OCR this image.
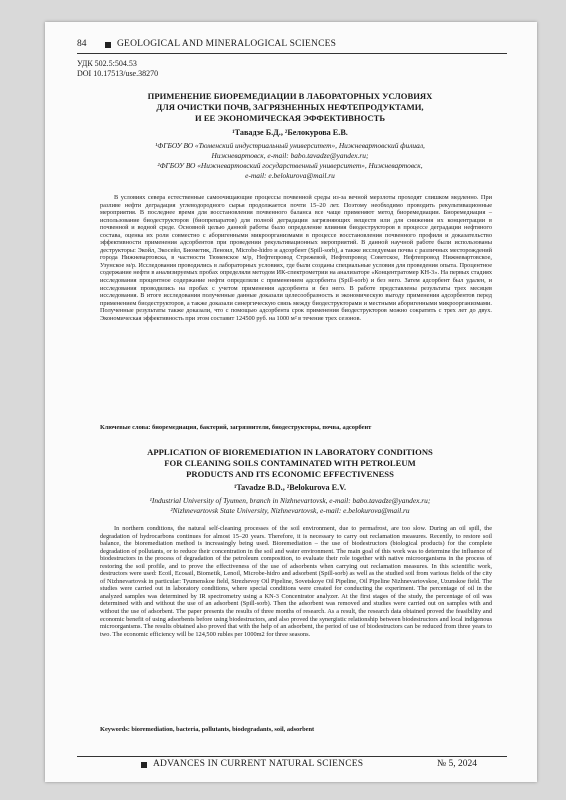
84	GEOLOGICAL AND MINERALOGICAL SCIENCES
УДК 502.5:504.53
DOI 10.17513/use.38270
ПРИМЕНЕНИЕ БИОРЕМЕДИАЦИИ В ЛАБОРАТОРНЫХ УСЛОВИЯХ
ДЛЯ ОЧИСТКИ ПОЧВ, ЗАГРЯЗНЕННЫХ НЕФТЕПРОДУКТАМИ,
И ЕЕ ЭКОНОМИЧЕСКАЯ ЭФФЕКТИВНОСТЬ
¹Тавадзе Б.Д., ²Белокурова Е.В.
¹ФГБОУ ВО «Тюменский индустриальный университет», Нижневартовский филиал,
Нижневартовск, e-mail: babo.tavadze@yandex.ru;
²ФГБОУ ВО «Нижневартовский государственный университет», Нижневартовск,
e-mail: e.belokurova@mail.ru

В условиях севера естественные самоочищающие процессы почвенной среды из-за вечной мерзлоты проходят слишком медленно. При разливе нефти деградация углеводородного сырья продолжается почти 15–20 лет. Поэтому необходимо проводить рекультивационные мероприятия. В последнее время для восстановления почвенного баланса все чаще применяют метод биоремедиации. Биоремедиация – использование биодеструкторов (биопрепаратов) для полной деградации загрязняющих веществ или для снижения их концентрации в почвенной и водной среде. Основной целью данной работы было определение влияния биодеструкторов в процессе деградации нефтяного состава, оценка их роли совместно с аборигенными микроорганизмами в процессе восстановления почвенного профиля и доказательство эффективности применения адсорбентов при проведении рекультивационных мероприятий. В данной научной работе были использованы деструкторы: Экойл, Экосейл, Биометик, Леноил, Microbe-hidro и адсорбент (Spill-sorb), а также исследуемая почва с различных месторождений города Нижневартовска, в частности Тюменское м/р, Нефтепровод Стрежевой, Нефтепровод Советское, Нефтепровод Нижневартовское, Узунское м/р. Исследования проводились в лабораторных условиях, где были созданы специальные условия для проведения опыта. Процентное содержание нефти в анализируемых пробах определяли методом ИК-спектрометрии на анализаторе «Концентратомер КН-3». На первых стадиях исследования процентное содержание нефти определяли с применением адсорбента (Spill-sorb) и без него. Затем адсорбент был удален, и исследования проводились на пробах с учетом применения адсорбента и без него. В работе представлены результаты трех месяцев исследования. В итоге исследования полученные данные доказали целесообразность и экономическую выгоду применения адсорбентов перед применением биодеструкторов, а также доказали синергическую связь между биодеструкторами и местными аборигенными микроорганизмами. Полученные результаты также доказали, что с помощью адсорбента срок применения биодеструкторов можно сократить с трех лет до двух. Экономическая эффективность при этом составит 124500 руб. на 1000 м² в течение трех сезонов.

Ключевые слова: биоремедиация, бактерий, загрязнители, биодеструкторы, почва, адсорбент
APPLICATION OF BIOREMEDIATION IN LABORATORY CONDITIONS
FOR CLEANING SOILS CONTAMINATED WITH PETROLEUM
PRODUCTS AND ITS ECONOMIC EFFECTIVENESS
¹Tavadze B.D., ²Belokurova E.V.
¹Industrial University of Tyumen, branch in Nizhnevartovsk, e-mail: babo.tavadze@yandex.ru;
²Nizhnevartovsk State University, Nizhnevartovsk, e-mail: e.belokurova@mail.ru

In northern conditions, the natural self-cleaning processes of the soil environment, due to permafrost, are too slow. During an oil spill, the degradation of hydrocarbons continues for almost 15–20 years. Therefore, it is necessary to carry out reclamation measures. Recently, to restore soil balance, the bioremediation method is increasingly being used. Bioremediation – the use of biodestructors (biological products) for the complete degradation of pollutants, or to reduce their concentration in the soil and water environment. The main goal of this work was to determine the influence of biodestructors in the process of degradation of the petroleum composition, to evaluate their role together with native microorganisms in the process of restoring the soil profile, and to prove the effectiveness of the use of adsorbents when carrying out reclamation measures. In this scientific work, destructors were used: Ecoil, Ecosail, Biometik, Lenoil, Microbe-hidro and adsorbent (Spill-sorb) as well as the studied soil from various fields of the city of Nizhnevartovsk in particular: Tyumenskoe field, Strezhevoy Oil Pipeline, Sovetskoye Oil Pipeline, Oil Pipeline Nizhnevartovskoe, Uzunskoe field. The studies were carried out in laboratory conditions, where special conditions were created for conducting the experiment. The percentage of oil in the analyzed samples was determined by IR spectrometry using a KN-3 Concentrator analyzer. At the first stages of the study, the percentage of oil was determined with and without the use of an adsorbent (Spill-sorb). Then the adsorbent was removed and studies were carried out on samples with and without the use of adsorbent. The paper presents the results of three months of research. As a result, the research data obtained proved the feasibility and economic benefit of using adsorbents before using biodestructors, and also proved the synergistic relationship between biodestructors and local indigenous microorganisms. The results obtained also proved that with the help of an adsorbent, the period of use of biodestructors can be reduced from three years to two. The economic efficiency will be 124,500 rubles per 1000m2 for three seasons.

Keywords: bioremediation, bacteria, pollutants, biodegradants, soil, adsorbent
ADVANCES IN CURRENT NATURAL SCIENCES	№ 5, 2024
